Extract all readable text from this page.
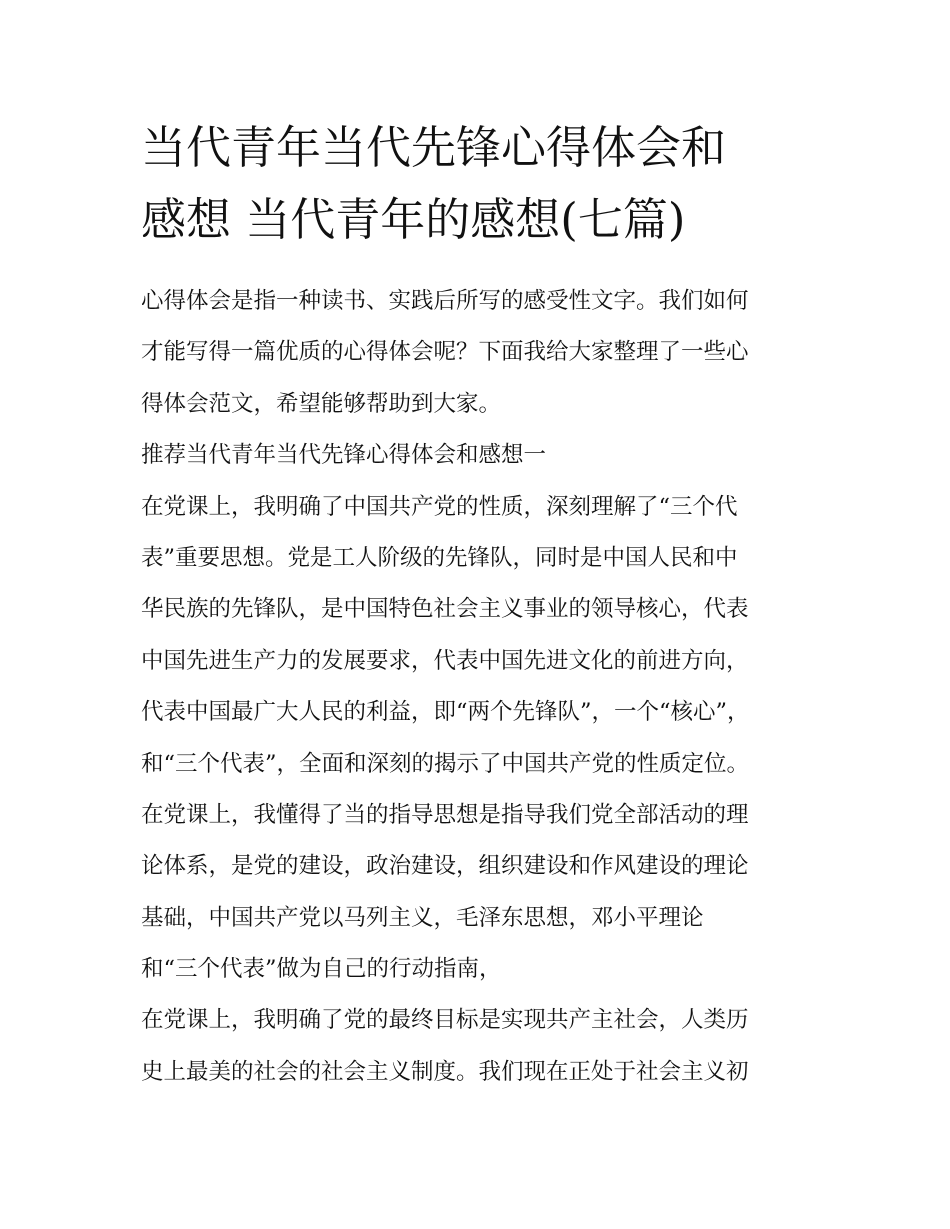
当代青年当代先锋心得体会和
感想 当代青年的感想(七篇)
心得体会是指一种读书、实践后所写的感受性文字。我们如何
才能写得一篇优质的心得体会呢？下面我给大家整理了一些心
得体会范文，希望能够帮助到大家。
推荐当代青年当代先锋心得体会和感想一
在党课上，我明确了中国共产党的性质，深刻理解了“三个代
表”重要思想。党是工人阶级的先锋队，同时是中国人民和中
华民族的先锋队，是中国特色社会主义事业的领导核心，代表
中国先进生产力的发展要求，代表中国先进文化的前进方向，
代表中国最广大人民的利益，即“两个先锋队”，一个“核心”，
和“三个代表”，全面和深刻的揭示了中国共产党的性质定位。
在党课上，我懂得了当的指导思想是指导我们党全部活动的理
论体系，是党的建设，政治建设，组织建设和作风建设的理论
基础，中国共产党以马列主义，毛泽东思想，邓小平理论
和“三个代表”做为自己的行动指南，
在党课上，我明确了党的最终目标是实现共产主社会，人类历
史上最美的社会的社会主义制度。我们现在正处于社会主义初
